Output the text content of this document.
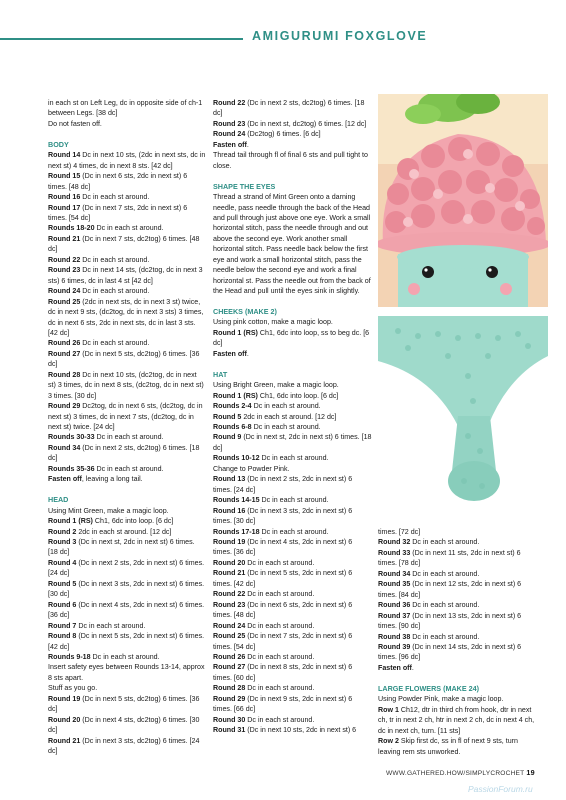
AMIGURUMI FOXGLOVE

in each st on Left Leg, dc in opposite side of ch-1 between Legs. [38 dc]

Do not fasten off.

BODY

Round 14 Dc in next 10 sts, (2dc in next sts, dc in next st) 4 times, dc in next 8 sts. [42 dc]

Round 15 (Dc in next 6 sts, 2dc in next st) 6 times. [48 dc]

Round 16 Dc in each st around.

Round 17 (Dc in next 7 sts, 2dc in next st) 6 times. [54 dc]

Rounds 18-20 Dc in each st around.

Round 21 (Dc in next 7 sts, dc2tog) 6 times. [48 dc]

Round 22 Dc in each st around.

Round 23 Dc in next 14 sts, (dc2tog, dc in next 3 sts) 6 times, dc in last 4 st [42 dc]

Round 24 Dc in each st around.

Round 25 (2dc in next sts, dc in next 3 st) twice, dc in next 9 sts, (dc2tog, dc in next 3 sts) 3 times, dc in next 6 sts, 2dc in next sts, dc in last 3 sts. [42 dc]

Round 26 Dc in each st around.

Round 27 (Dc in next 5 sts, dc2tog) 6 times. [36 dc]

Round 28 Dc in next 10 sts, (dc2tog, dc in next st) 3 times, dc in next 8 sts, (dc2tog, dc in next st) 3 times. [30 dc]

Round 29 Dc2tog, dc in next 6 sts, (dc2tog, dc in next st) 3 times, dc in next 7 sts, (dc2tog, dc in next st) twice. [24 dc]

Rounds 30-33 Dc in each st around.

Round 34 (Dc in next 2 sts, dc2tog) 6 times. [18 dc]

Rounds 35-36 Dc in each st around.

Fasten off, leaving a long tail.

HEAD

Using Mint Green, make a magic loop.

Round 1 (RS) Ch1, 6dc into loop. [6 dc]

Round 2 2dc in each st around. [12 dc]

Round 3 (Dc in next st, 2dc in next st) 6 times. [18 dc]

Round 4 (Dc in next 2 sts, 2dc in next st) 6 times. [24 dc]

Round 5 (Dc in next 3 sts, 2dc in next st) 6 times. [30 dc]

Round 6 (Dc in next 4 sts, 2dc in next st) 6 times. [36 dc]

Round 7 Dc in each st around.

Round 8 (Dc in next 5 sts, 2dc in next st) 6 times. [42 dc]

Rounds 9-18 Dc in each st around.

Insert safety eyes between Rounds 13-14, approx 8 sts apart.

Stuff as you go.

Round 19 (Dc in next 5 sts, dc2tog) 6 times. [36 dc]

Round 20 (Dc in next 4 sts, dc2tog) 6 times. [30 dc]

Round 21 (Dc in next 3 sts, dc2tog) 6 times. [24 dc]

Round 22 (Dc in next 2 sts, dc2tog) 6 times. [18 dc]

Round 23 (Dc in next st, dc2tog) 6 times. [12 dc]

Round 24 (Dc2tog) 6 times. [6 dc]

Fasten off.

Thread tail through fl of final 6 sts and pull tight to close.

SHAPE THE EYES

Thread a strand of Mint Green onto a darning needle, pass needle through the back of the Head and pull through just above one eye. Work a small horizontal stitch, pass the needle through and out above the second eye. Work another small horizontal stitch. Pass needle back below the first eye and work a small horizontal stitch, pass the needle below the second eye and work a final horizontal st. Pass the needle out from the back of the Head and pull until the eyes sink in slightly.

CHEEKS (MAKE 2)

Using pink cotton, make a magic loop.

Round 1 (RS) Ch1, 6dc into loop, ss to beg dc. [6 dc]

Fasten off.

HAT

Using Bright Green, make a magic loop.

Round 1 (RS) Ch1, 6dc into loop. [6 dc]

Rounds 2-4 Dc in each st around.

Round 5 2dc in each st around. [12 dc]

Rounds 6-8 Dc in each st around.

Round 9 (Dc in next st, 2dc in next st) 6 times. [18 dc]

Rounds 10-12 Dc in each st around.

Change to Powder Pink.

Round 13 (Dc in next 2 sts, 2dc in next st) 6 times. [24 dc]

Rounds 14-15 Dc in each st around.

Round 16 (Dc in next 3 sts, 2dc in next st) 6 times. [30 dc]

Rounds 17-18 Dc in each st around.

Round 19 (Dc in next 4 sts, 2dc in next st) 6 times. [36 dc]

Round 20 Dc in each st around.

Round 21 (Dc in next 5 sts, 2dc in next st) 6 times. [42 dc]

Round 22 Dc in each st around.

Round 23 (Dc in next 6 sts, 2dc in next st) 6 times. [48 dc]

Round 24 Dc in each st around.

Round 25 (Dc in next 7 sts, 2dc in next st) 6 times. [54 dc]

Round 26 Dc in each st around.

Round 27 (Dc in next 8 sts, 2dc in next st) 6 times. [60 dc]

Round 28 Dc in each st around.

Round 29 (Dc in next 9 sts, 2dc in next st) 6 times. [66 dc]

Round 30 Dc in each st around.

Round 31 (Dc in next 10 sts, 2dc in next st) 6

times. [72 dc]

Round 32 Dc in each st around.

Round 33 (Dc in next 11 sts, 2dc in next st) 6 times. [78 dc]

Round 34 Dc in each st around.

Round 35 (Dc in next 12 sts, 2dc in next st) 6 times. [84 dc]

Round 36 Dc in each st around.

Round 37 (Dc in next 13 sts, 2dc in next st) 6 times. [90 dc]

Round 38 Dc in each st around.

Round 39 (Dc in next 14 sts, 2dc in next st) 6 times. [96 dc]

Fasten off.

LARGE FLOWERS (MAKE 24)

Using Powder Pink, make a magic loop.

Row 1 Ch12, dtr in third ch from hook, dtr in next ch, tr in next 2 ch, htr in next 2 ch, dc in next 4 ch, dc in next ch, turn. [11 sts]

Row 2 Skip first dc, ss in fl of next 9 sts, turn leaving rem sts unworked.

WWW.GATHERED.HOW/SIMPLYCROCHET 19
PassionForum.ru
